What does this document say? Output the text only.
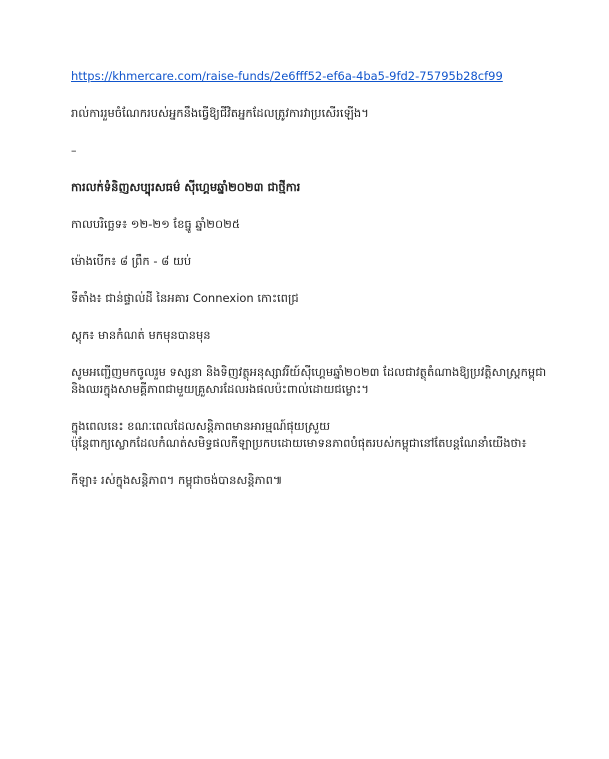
https://khmercare.com/raise-funds/2e6fff52-ef6a-4ba5-9fd2-75795b28cf99

រាល់ការរួមចំណែករបស់អ្នកនឹងធ្វើឱ្យជីវិតអ្នកដែលត្រូវការវាប្រសើរឡើង។

–

ការលក់ទំនិញសប្បុរសធម៌ ស៊ីហ្គេមឆ្នាំ២០២៣ ជាថ្មីការ

កាលបរិច្ឆេទ៖ ១២-២១ ខែធ្នូ ឆ្នាំ២០២៥

ម៉ោងបើក៖ ៨ ព្រឹក - ៨ យប់

ទីតាំង៖ ជាន់ផ្ទាល់ដី នៃអគារ Connexion កោះពេជ្រ

ស្តុក៖ មានកំណត់ មកមុនបានមុន

សូមអញ្ជើញមកចូលរួម ទស្សនា និងទិញវត្ថុអនុស្សាវរីយ៍ស៊ីហ្គេមឆ្នាំ២០២៣ ដែលជាវត្ថុតំណាងឱ្យប្រវត្តិសាស្ត្រកម្ពុជា

និងឈរក្នុងសាមគ្គីភាពជាមួយគ្រួសារដែលរងផលប៉ះពាល់ដោយជម្លោះ។

ក្នុងពេលនេះ ខណៈពេលដែលសន្តិភាពមានអារម្មណ៍ផុយស្រួយ

ប៉ុន្តែពាក្យស្លោកដែលកំណត់សមិទ្ធផលកីឡាប្រកបដោយមោទនភាពបំផុតរបស់កម្ពុជានៅតែបន្តណែនាំយើងថា៖

កីឡា៖ រស់ក្នុងសន្តិភាព។ កម្ពុជាចង់បានសន្តិភាព៕
